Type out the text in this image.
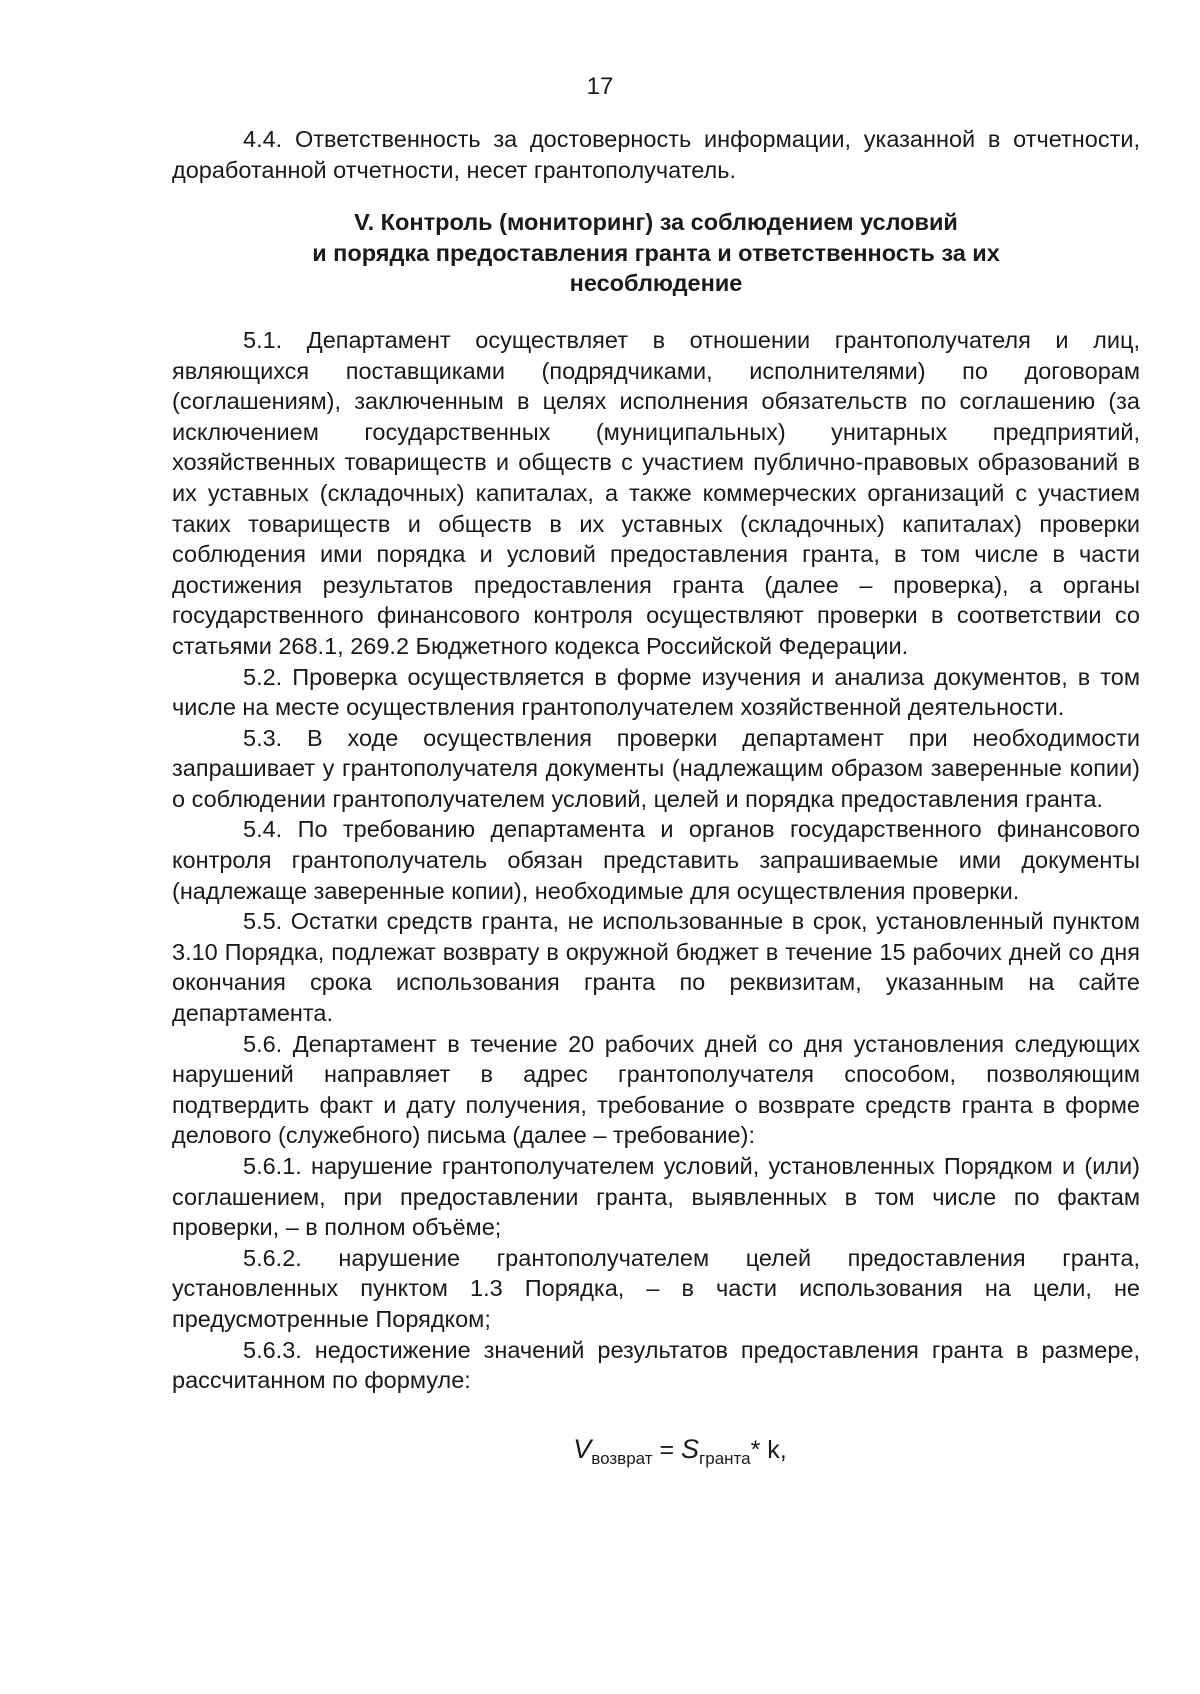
17

4.4. Ответственность за достоверность информации, указанной в отчетности, доработанной отчетности, несет грантополучатель.

V. Контроль (мониторинг) за соблюдением условий
и порядка предоставления гранта и ответственность за их
несоблюдение

5.1. Департамент осуществляет в отношении грантополучателя и лиц, являющихся поставщиками (подрядчиками, исполнителями) по договорам (соглашениям), заключенным в целях исполнения обязательств по соглашению (за исключением государственных (муниципальных) унитарных предприятий, хозяйственных товариществ и обществ с участием публично-правовых образований в их уставных (складочных) капиталах, а также коммерческих организаций с участием таких товариществ и обществ в их уставных (складочных) капиталах) проверки соблюдения ими порядка и условий предоставления гранта, в том числе в части достижения результатов предоставления гранта (далее – проверка), а органы государственного финансового контроля осуществляют проверки в соответствии со статьями 268.1, 269.2 Бюджетного кодекса Российской Федерации.

5.2. Проверка осуществляется в форме изучения и анализа документов, в том числе на месте осуществления грантополучателем хозяйственной деятельности.

5.3. В ходе осуществления проверки департамент при необходимости запрашивает у грантополучателя документы (надлежащим образом заверенные копии) о соблюдении грантополучателем условий, целей и порядка предоставления гранта.

5.4. По требованию департамента и органов государственного финансового контроля грантополучатель обязан представить запрашиваемые ими документы (надлежаще заверенные копии), необходимые для осуществления проверки.

5.5. Остатки средств гранта, не использованные в срок, установленный пунктом 3.10 Порядка, подлежат возврату в окружной бюджет в течение 15 рабочих дней со дня окончания срока использования гранта по реквизитам, указанным на сайте департамента.

5.6. Департамент в течение 20 рабочих дней со дня установления следующих нарушений направляет в адрес грантополучателя способом, позволяющим подтвердить факт и дату получения, требование о возврате средств гранта в форме делового (служебного) письма (далее – требование):

5.6.1. нарушение грантополучателем условий, установленных Порядком и (или) соглашением, при предоставлении гранта, выявленных в том числе по фактам проверки, – в полном объёме;

5.6.2. нарушение грантополучателем целей предоставления гранта, установленных пунктом 1.3 Порядка, – в части использования на цели, не предусмотренные Порядком;

5.6.3. недостижение значений результатов предоставления гранта в размере, рассчитанном по формуле:

$V_{возврат} = S_{гранта}*$ k,
